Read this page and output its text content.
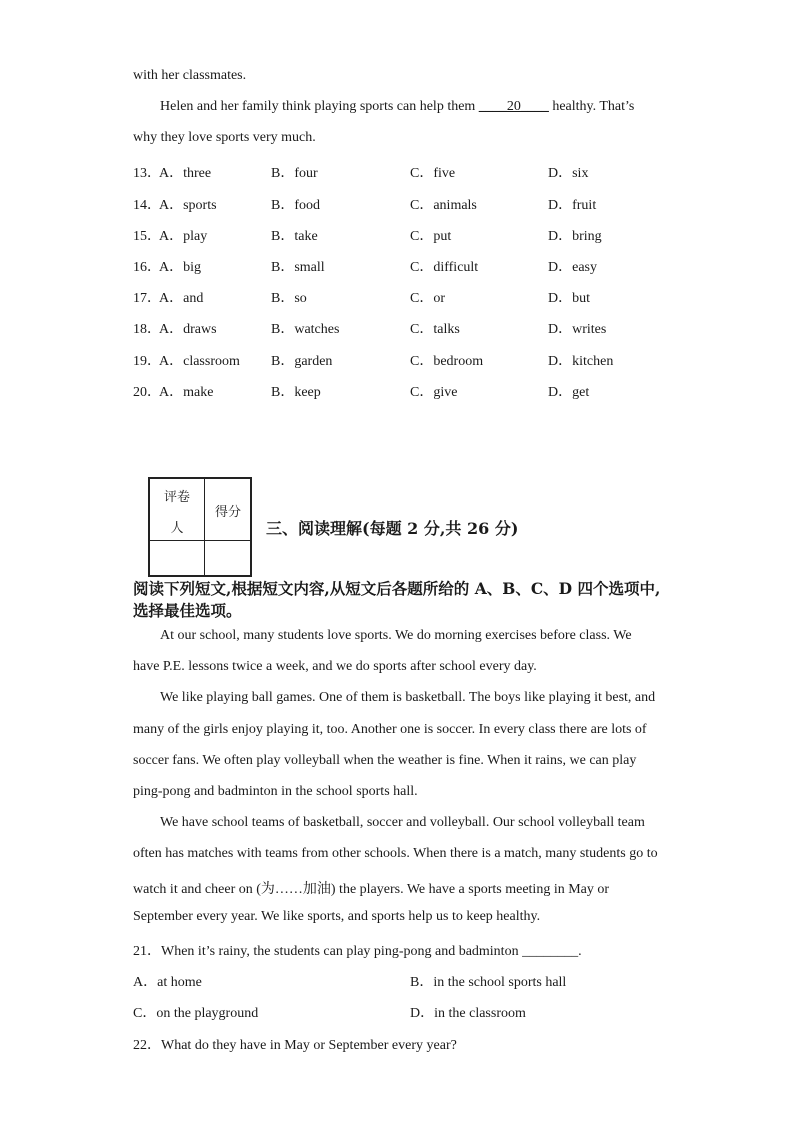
with her classmates.
Helen and her family think playing sports can help them ____20____ healthy. That’s
why they love sports very much.
13．
A．three	B．four	C．five	D．six
14．
A．sports	B．food	C．animals	D．fruit
15．
A．play	B．take	C．put	D．bring
16．
A．big	B．small	C．difficult	D．easy
17．
A．and	B．so	C．or	D．but
18．
A．draws	B．watches	C．talks	D．writes
19．
A．classroom B．garden	C．bedroom	D．kitchen
20．
A．make	B．keep	C．give	D．get
评卷
人
得分
三、阅读理解(每题 2 分,共 26 分)
阅读下列短文,根据短文内容,从短文后各题所给的 A、B、C、D 四个选项中,选择最佳选项。
At our school, many students love sports. We do morning exercises before class. We
have P.E. lessons twice a week, and we do sports after school every day.
We like playing ball games. One of them is basketball. The boys like playing it best, and
many of the girls enjoy playing it, too. Another one is soccer. In every class there are lots of
soccer fans. We often play volleyball when the weather is fine. When it rains, we can play
ping-pong and badminton in the school sports hall.
We have school teams of basketball, soccer and volleyball. Our school volleyball team
often has matches with teams from other schools. When there is a match, many students go to
watch it and cheer on (为……加油) the players. We have a sports meeting in May or
September every year. We like sports, and sports help us to keep healthy.
21．When it’s rainy, the students can play ping-pong and badminton ________.
A．at home	B．in the school sports hall
C．on the playground	D．in the classroom
22．What do they have in May or September every year?
